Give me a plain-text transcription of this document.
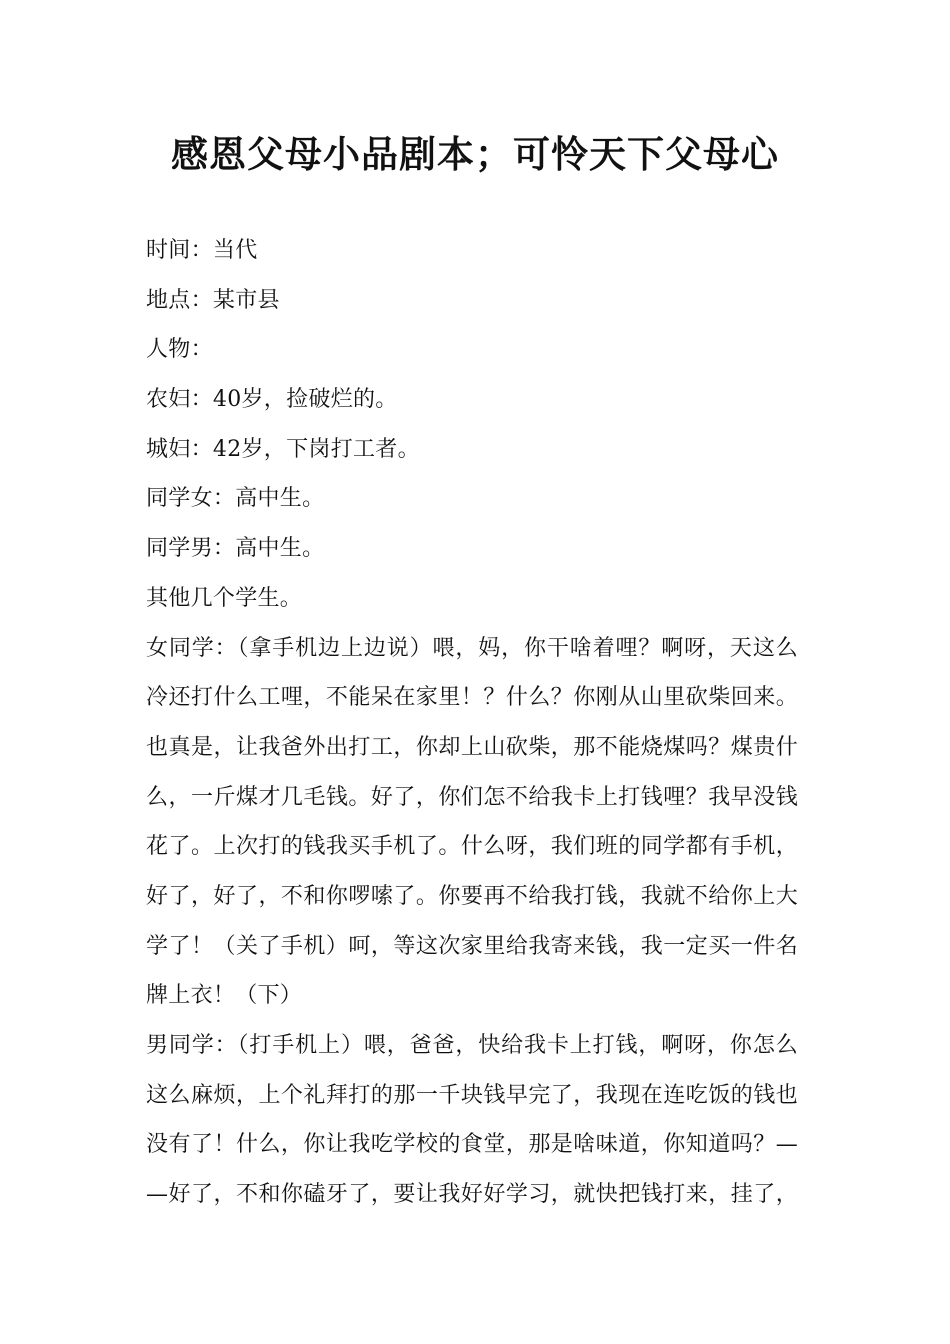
感恩父母小品剧本；可怜天下父母心

时间：当代

地点：某市县

人物：

农妇：40岁，捡破烂的。

城妇：42岁，下岗打工者。

同学女：高中生。

同学男：高中生。

其他几个学生。

女同学：（拿手机边上边说）喂，妈，你干啥着哩？啊呀，天这么

冷还打什么工哩，不能呆在家里！？什么？你刚从山里砍柴回来。

也真是，让我爸外出打工，你却上山砍柴，那不能烧煤吗？煤贵什

么，一斤煤才几毛钱。好了，你们怎不给我卡上打钱哩？我早没钱

花了。上次打的钱我买手机了。什么呀，我们班的同学都有手机，

好了，好了，不和你啰嗦了。你要再不给我打钱，我就不给你上大

学了！（关了手机）呵，等这次家里给我寄来钱，我一定买一件名

牌上衣！（下）

男同学：（打手机上）喂，爸爸，快给我卡上打钱，啊呀，你怎么

这么麻烦，上个礼拜打的那一千块钱早完了，我现在连吃饭的钱也

没有了！什么，你让我吃学校的食堂，那是啥味道，你知道吗？—

—好了，不和你磕牙了，要让我好好学习，就快把钱打来，挂了，
